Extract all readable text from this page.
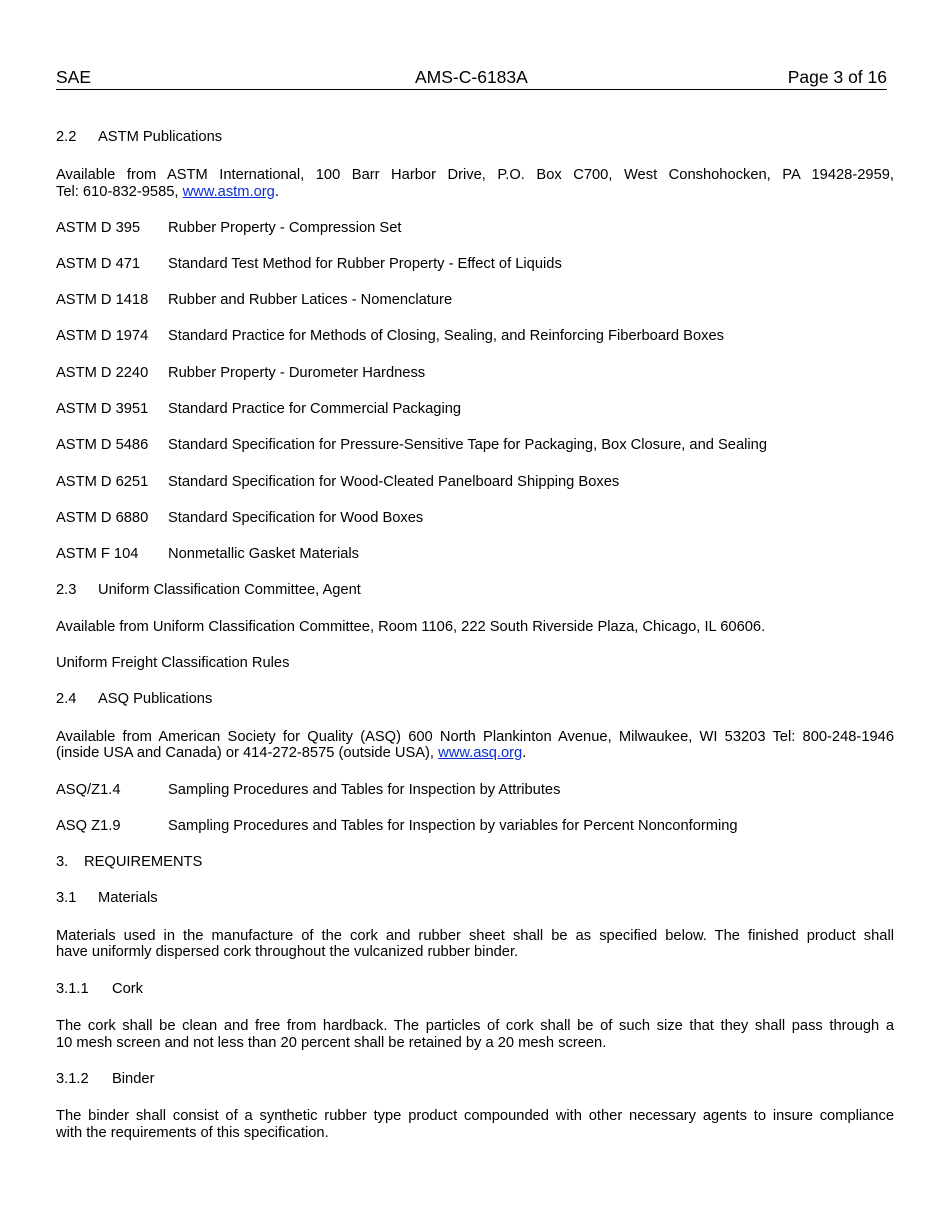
SAE	AMS-C-6183A	Page 3 of 16
2.2 ASTM Publications
Available from ASTM International, 100 Barr Harbor Drive, P.O. Box C700, West Conshohocken, PA 19428-2959,
Tel: 610-832-9585, www.astm.org.
ASTM D 395 Rubber Property - Compression Set
ASTM D 471 Standard Test Method for Rubber Property - Effect of Liquids
ASTM D 1418 Rubber and Rubber Latices - Nomenclature
ASTM D 1974 Standard Practice for Methods of Closing, Sealing, and Reinforcing Fiberboard Boxes
ASTM D 2240 Rubber Property - Durometer Hardness
ASTM D 3951 Standard Practice for Commercial Packaging
ASTM D 5486 Standard Specification for Pressure-Sensitive Tape for Packaging, Box Closure, and Sealing
ASTM D 6251 Standard Specification for Wood-Cleated Panelboard Shipping Boxes
ASTM D 6880 Standard Specification for Wood Boxes
ASTM F 104 Nonmetallic Gasket Materials
2.3 Uniform Classification Committee, Agent
Available from Uniform Classification Committee, Room 1106, 222 South Riverside Plaza, Chicago, IL 60606.
Uniform Freight Classification Rules
2.4 ASQ Publications
Available from American Society for Quality (ASQ) 600 North Plankinton Avenue, Milwaukee, WI 53203 Tel: 800-248-1946
(inside USA and Canada) or 414-272-8575 (outside USA), www.asq.org.
ASQ/Z1.4	Sampling Procedures and Tables for Inspection by Attributes
ASQ Z1.9	Sampling Procedures and Tables for Inspection by variables for Percent Nonconforming
3. REQUIREMENTS
3.1 Materials
Materials used in the manufacture of the cork and rubber sheet shall be as specified below. The finished product shall
have uniformly dispersed cork throughout the vulcanized rubber binder.
3.1.1 Cork
The cork shall be clean and free from hardback. The particles of cork shall be of such size that they shall pass through a
10 mesh screen and not less than 20 percent shall be retained by a 20 mesh screen.
3.1.2 Binder
The binder shall consist of a synthetic rubber type product compounded with other necessary agents to insure compliance
with the requirements of this specification.
